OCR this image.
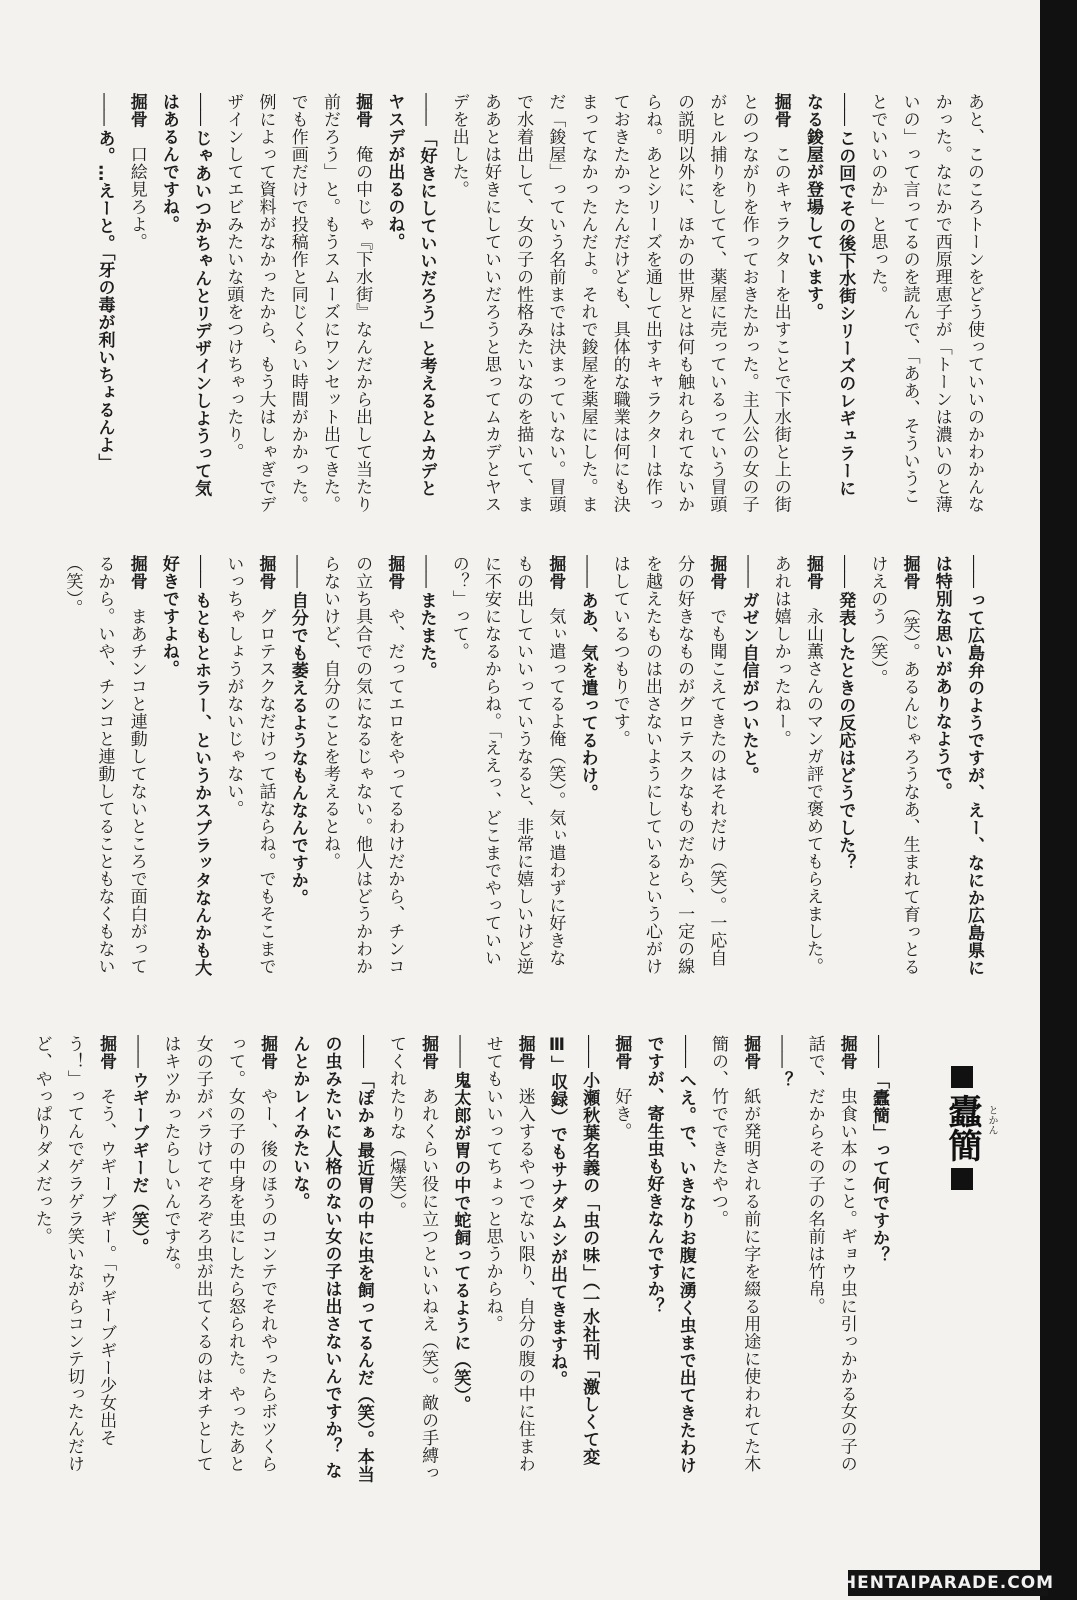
あと、このころトーンをどう使っていいのかわかんなかった。なにかで西原理恵子が「トーンは濃いのと薄いの」って言ってるのを読んで、「ああ、そういうことでいいのか」と思った。

―― この回でその後下水街シリーズのレギュラーになる鋑屋が登場しています。

掘骨　このキャラクターを出すことで下水街と上の街とのつながりを作っておきたかった。主人公の女の子がヒル捕りをしてて、薬屋に売っているっていう冒頭の説明以外に、ほかの世界とは何も触れられてないからね。あとシリーズを通して出すキャラクターは作っておきたかったんだけども、具体的な職業は何にも決まってなかったんだよ。それで鋑屋を薬屋にした。まだ「鋑屋」っていう名前までは決まっていない。冒頭で水着出して、女の子の性格みたいなのを描いて、まああとは好きにしていいだろうと思ってムカデとヤスデを出した。

―― 「好きにしていいだろう」と考えるとムカデとヤスデが出るのね。

掘骨　俺の中じゃ『下水街』なんだから出して当たり前だろう」と。もうスムーズにワンセット出てきた。でも作画だけで投稿作と同じくらい時間がかかった。例によって資料がなかったから、もう大はしゃぎでデザインしてエビみたいな頭をつけちゃったり。

―― じゃあいつかちゃんとリデザインしようって気はあるんですね。

掘骨　口絵見ろよ。

―― あ。…えーと。「牙の毒が利いちょるんよ」

―― って広島弁のようですが、えー、なにか広島県には特別な思いがありなようで。

掘骨　（笑）。あるんじゃろうなあ、生まれて育っとるけえのう（笑）。

―― 発表したときの反応はどうでした？

掘骨　永山薫さんのマンガ評で褒めてもらえました。あれは嬉しかったねー。

―― ガゼン自信がついたと。

掘骨　でも聞こえてきたのはそれだけ（笑）。一応自分の好きなものがグロテスクなものだから、一定の線を越えたものは出さないようにしているという心がけはしているつもりです。

―― ああ、気を遣ってるわけ。

掘骨　気ぃ遣ってるよ俺（笑）。気ぃ遣わずに好きなもの出していいっていうなると、非常に嬉しいけど逆に不安になるからね。「ええっ、どこまでやっていいの？」って。

―― またまた。

掘骨　や、だってエロをやってるわけだから、チンコの立ち具合での気になるじゃない。他人はどうかわからないけど、自分のことを考えるとね。

―― 自分でも萎えるようなもんなんですか。

掘骨　グロテスクなだけって話ならね。でもそこまでいっちゃしょうがないじゃない。

―― もともとホラー、というかスプラッタなんかも大好きですよね。

掘骨　まあチンコと連動してないところで面白がってるから。いや、チンコと連動してることもなくもない（笑）。

―― 「蠹簡」って何ですか？

掘骨　虫食い本のこと。ギョウ虫に引っかかる女の子の話で、だからその子の名前は竹帛。

―― ？

掘骨　紙が発明される前に字を綴る用途に使われてた木簡の、竹でできたやつ。

―― へえ。で、いきなりお腹に湧く虫まで出てきたわけですが、寄生虫も好きなんですか？

掘骨　好き。

―― 小瀬秋葉名義の「虫の味」（一水社刊「激しくて変Ⅲ」収録）でもサナダムシが出てきますね。

掘骨　迷入するやつでない限り、自分の腹の中に住まわせてもいいってちょっと思うからね。

―― 鬼太郎が胃の中で蛇飼ってるように（笑）。

掘骨　あれくらい役に立つといいねえ（笑）。敵の手縛ってくれたりな（爆笑）。

―― 「ぽかぁ最近胃の中に虫を飼ってるんだ（笑）。本当の虫みたいに人格のない女の子は出さないんですか？ なんとかレイみたいな。

掘骨　やー、後のほうのコンテでそれやったらボツくらって。女の子の中身を虫にしたら怒られた。やったあと女の子がバラけてぞろぞろ虫が出てくるのはオチとしてはキツかったらしいんですな。

―― ウギーブギーだ（笑）。

掘骨　そう、ウギーブギー。「ウギーブギー少女出そう！」ってんでゲラゲラ笑いながらコンテ切ったんだけど、やっぱりダメだった。	蠹簡 とかん
HENTAIPARADE.COM
